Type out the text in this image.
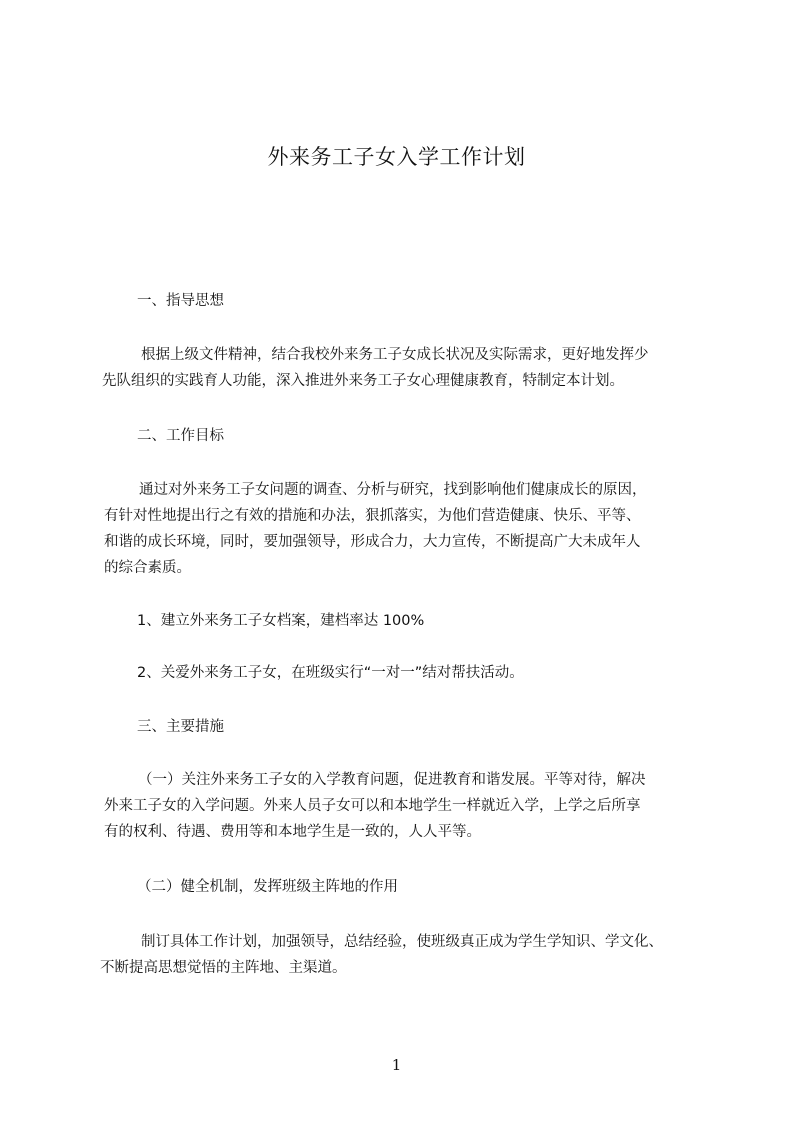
外来务工子女入学工作计划
一、指导思想
根据上级文件精神，结合我校外来务工子女成长状况及实际需求，更好地发挥少
先队组织的实践育人功能，深入推进外来务工子女心理健康教育，特制定本计划。
二、工作目标
通过对外来务工子女问题的调查、分析与研究，找到影响他们健康成长的原因，
有针对性地提出行之有效的措施和办法，狠抓落实，为他们营造健康、快乐、平等、
和谐的成长环境，同时，要加强领导，形成合力，大力宣传，不断提高广大未成年人
的综合素质。
1、建立外来务工子女档案，建档率达 100%
2、关爱外来务工子女，在班级实行“一对一”结对帮扶活动。
三、主要措施
（一）关注外来务工子女的入学教育问题，促进教育和谐发展。平等对待，解决
外来工子女的入学问题。外来人员子女可以和本地学生一样就近入学，上学之后所享
有的权利、待遇、费用等和本地学生是一致的，人人平等。
（二）健全机制，发挥班级主阵地的作用
制订具体工作计划，加强领导，总结经验，使班级真正成为学生学知识、学文化、
不断提高思想觉悟的主阵地、主渠道。
1
